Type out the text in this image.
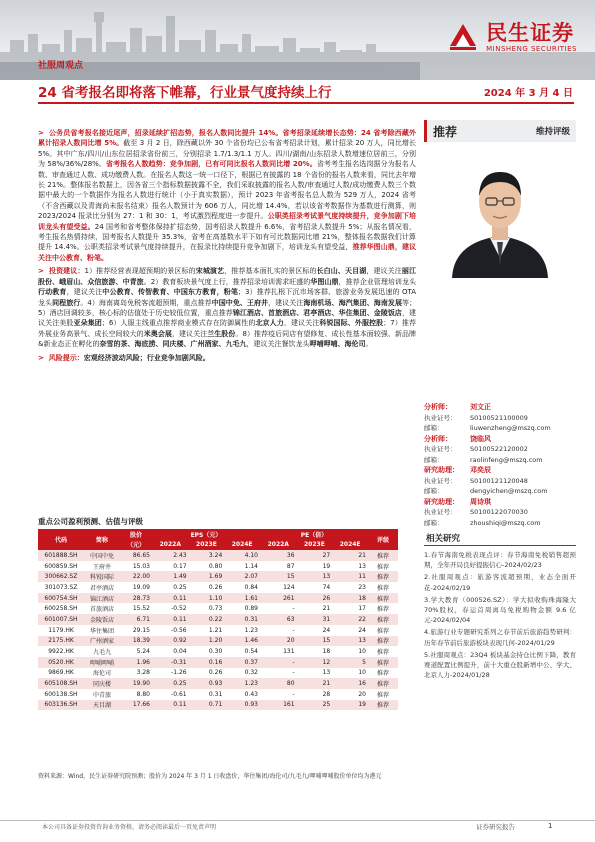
民生证券
MINSHENG SECURITIES
社服周观点
24 省考报名即将落下帷幕，行业景气度持续上行	2024 年 3 月 4 日

>  公务员省考报名接近尾声，招录延续扩招态势，报名人数同比提升 14%。省考招录延续增长态势：24 省考除西藏外累计招录人数同比增 5%。截至 3 月 2 日，除西藏以外 30 个省份均已公布省考招录计划，累计招录 20 万人，同比增长 5%。其中广东/四川/山东位居招录省份前三，分别招录 1.7/1.3/1.1 万人。四川/湖南/山东招录人数增速位居前三，分别为 58%/36%/28%。省考报名人数趋势：竞争加剧，已有可同比报名人数同比增 20%。省考考生报名选岗据分为报名人数、审查通过人数、成功缴费人数。在报名人数这一统一口径下，根据已有披露的 18 个省份的报名人数来看，同比去年增长 21%。整体报名数据上，因各省三个指标数据披露不全，我们采取披露的报名人数/审查通过人数/成功缴费人数三个数据中最大的一个数据作为报名人数进行统计（小于真实数据），预计 2023 年省考报名总人数为 529 万人，2024 省考（不含西藏以及青海尚未报名结束）报名人数预计为 606 万人，同比增 14.4%，若以该省考数据作为基数进行测算，则 2023/2024 报录比分别为 27：1 和 30：1，考试激烈程度进一步提升。公职类招录考试景气度持续提升，竞争加剧下培训龙头有望受益。24 国考和省考整体保持扩招态势，国考招录人数提升 6.6%，省考招录人数提升 5%；从报名情况看，考生报名热情持续，国考报名人数提升 35.3%，省考在高基数水平下如有可比数据同比增 21%，整体报名数据我们计算提升 14.4%。公职类招录考试景气度持续提升，在报录比持续提升竞争加剧下，培训龙头有望受益，推荐华图山鼎，建议关注中公教育、粉笔。

>  投资建议：1）推荐经营表现超预期的景区标的宋城演艺，推荐基本面扎实的景区标的长白山、天目湖，建议关注丽江股份、峨眉山、众信旅游、中青旅。2）教育板块景气度上行，推荐招录培训需求旺盛的华图山鼎，推荐企业管理培训龙头行动教育，建议关注中公教育、传智教育、中国东方教育，粉笔；3）推荐扎根下沉市场客群、旅游业务发展迅速的 OTA 龙头同程旅行。4）海南离岛免税客流超预期，重点推荐中国中免、王府井，建议关注海南机场、海汽集团、海南发展等；5）酒店回调较多，核心标的估值处于历史较低位置，重点推荐锦江酒店、首旅酒店、君亭酒店、华住集团、金陵饭店，建议关注美股亚朵集团；6）人服主线重点推荐商业模式存在防御属性的北京人力，建议关注科锐国际、外服控股；7）推荐外展业务高景气、成长空间较大的米奥会展，建议关注兰生股份。8）推荐疫后同店有望修复、成长性基本面较强、新品牌&新业态正在孵化的奈雪的茶、海底捞、同庆楼、广州酒家、九毛九，建议关注餐饮龙头呷哺呷哺、海伦司。

>  风险提示：宏观经济波动风险；行业竞争加剧风险。

重点公司盈利预测、估值与评级
代码	简称	股价	EPS（元）			PE（倍）			评级
		（元）	2022A	2023E	2024E	2022A	2023E	2024E	
601888.SH	中国中免	86.65	2.43	3.24	4.10	36	27	21	推荐
600859.SH	王府井	15.03	0.17	0.80	1.14	87	19	13	推荐
300662.SZ	科锐国际	22.00	1.49	1.69	2.07	15	13	11	推荐
301073.SZ	君亭酒店	19.09	0.25	0.26	0.84	124	74	23	推荐
600754.SH	锦江酒店	28.73	0.11	1.10	1.61	261	26	18	推荐
600258.SH	首旅酒店	15.52	-0.52	0.73	0.89	-	21	17	推荐
601007.SH	金陵饭店	6.71	0.11	0.22	0.31	63	31	22	推荐
1179.HK	华住集团	29.15	-0.56	1.21	1.23	-	24	24	推荐
2175.HK	广州酒家	18.39	0.92	1.20	1.46	20	15	13	推荐
9922.HK	九毛九	5.24	0.04	0.30	0.54	131	18	10	推荐
0520.HK	呷哺呷哺	1.96	-0.31	0.16	0.37	-	12	5	推荐
9869.HK	海伦司	3.28	-1.26	0.26	0.32	-	13	10	推荐
605108.SH	同庆楼	19.90	0.25	0.93	1.23	80	21	16	推荐
600138.SH	中青旅	8.80	-0.61	0.31	0.43	-	28	20	推荐
603136.SH	天目湖	17.66	0.11	0.71	0.93	161	25	19	推荐
资料来源：Wind，民生证券研究院预测；股价为 2024 年 3 月 1 日收盘价，华住集团/海伦司/九毛九/呷哺呷哺股价单位均为港元
推荐	维持评级
分析师：	刘文正
执业证号：	S0100521100009
邮箱：	liuwenzheng@mszq.com
分析师：	饶临风
执业证号：	S0100522120002
邮箱：	raolinfeng@mszq.com
研究助理：	邓奕辰
执业证号：	S0100121120048
邮箱：	dengyichen@mszq.com
研究助理：	周诗琪
执业证号：	S0100122070030
邮箱：	zhoushiqi@mszq.com
相关研究
1.春节海南免税表现点评：春节海南免税销售超预期，全年开局良好提振信心-2024/02/23
2.社服周观点：旅游客流超预期，业态全面开花-2024/02/19
3.学大教育（000526.SZ）：学大拟收购珠海隆大 70%股权，春运首周离岛免税购物金额 9.6 亿元-2024/02/04
4.旅游行业专题研究系列之春节前后旅游趋势研判：历年春节前后旅游板块表现几何-2024/01/29
5.社服周观点：23Q4 板块基金持仓比例下降，教育赛道配置比例提升，前十大重仓股新增中公、学大、北京人力-2024/01/28
本公司具备证券投资咨询业务资格，请务必阅读最后一页免责声明	证券研究报告	1
